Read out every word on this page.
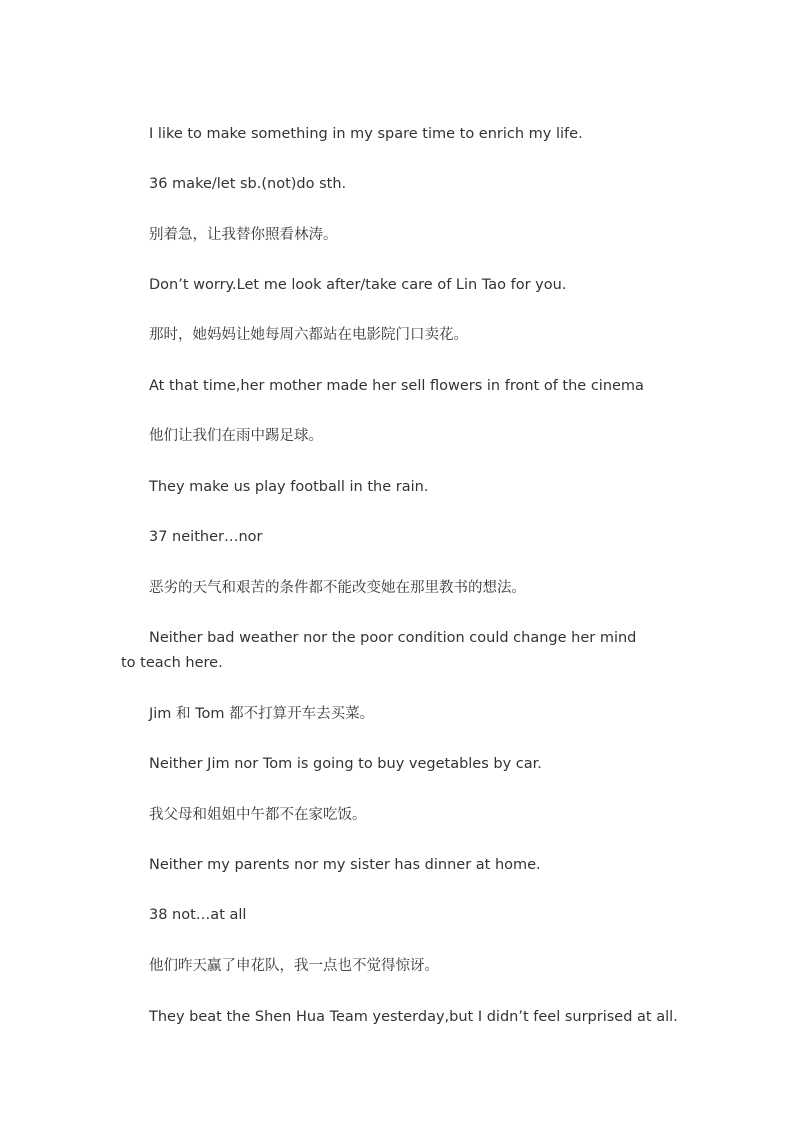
I like to make something in my spare time to enrich my life.

36 make/let sb.(not)do sth.

别着急，让我替你照看林涛。

Don’t worry.Let me look after/take care of Lin Tao for you.

那时，她妈妈让她每周六都站在电影院门口卖花。

At that time,her mother made her sell flowers in front of the cinema

他们让我们在雨中踢足球。

They make us play football in the rain.

37 neither…nor

恶劣的天气和艰苦的条件都不能改变她在那里教书的想法。

Neither bad weather nor the poor condition could change her mind to teach here.

Jim 和 Tom 都不打算开车去买菜。

Neither Jim nor Tom is going to buy vegetables by car.

我父母和姐姐中午都不在家吃饭。

Neither my parents nor my sister has dinner at home.

38 not…at all

他们昨天赢了申花队，我一点也不觉得惊讶。

They beat the Shen Hua Team yesterday,but I didn’t feel surprised at all.
